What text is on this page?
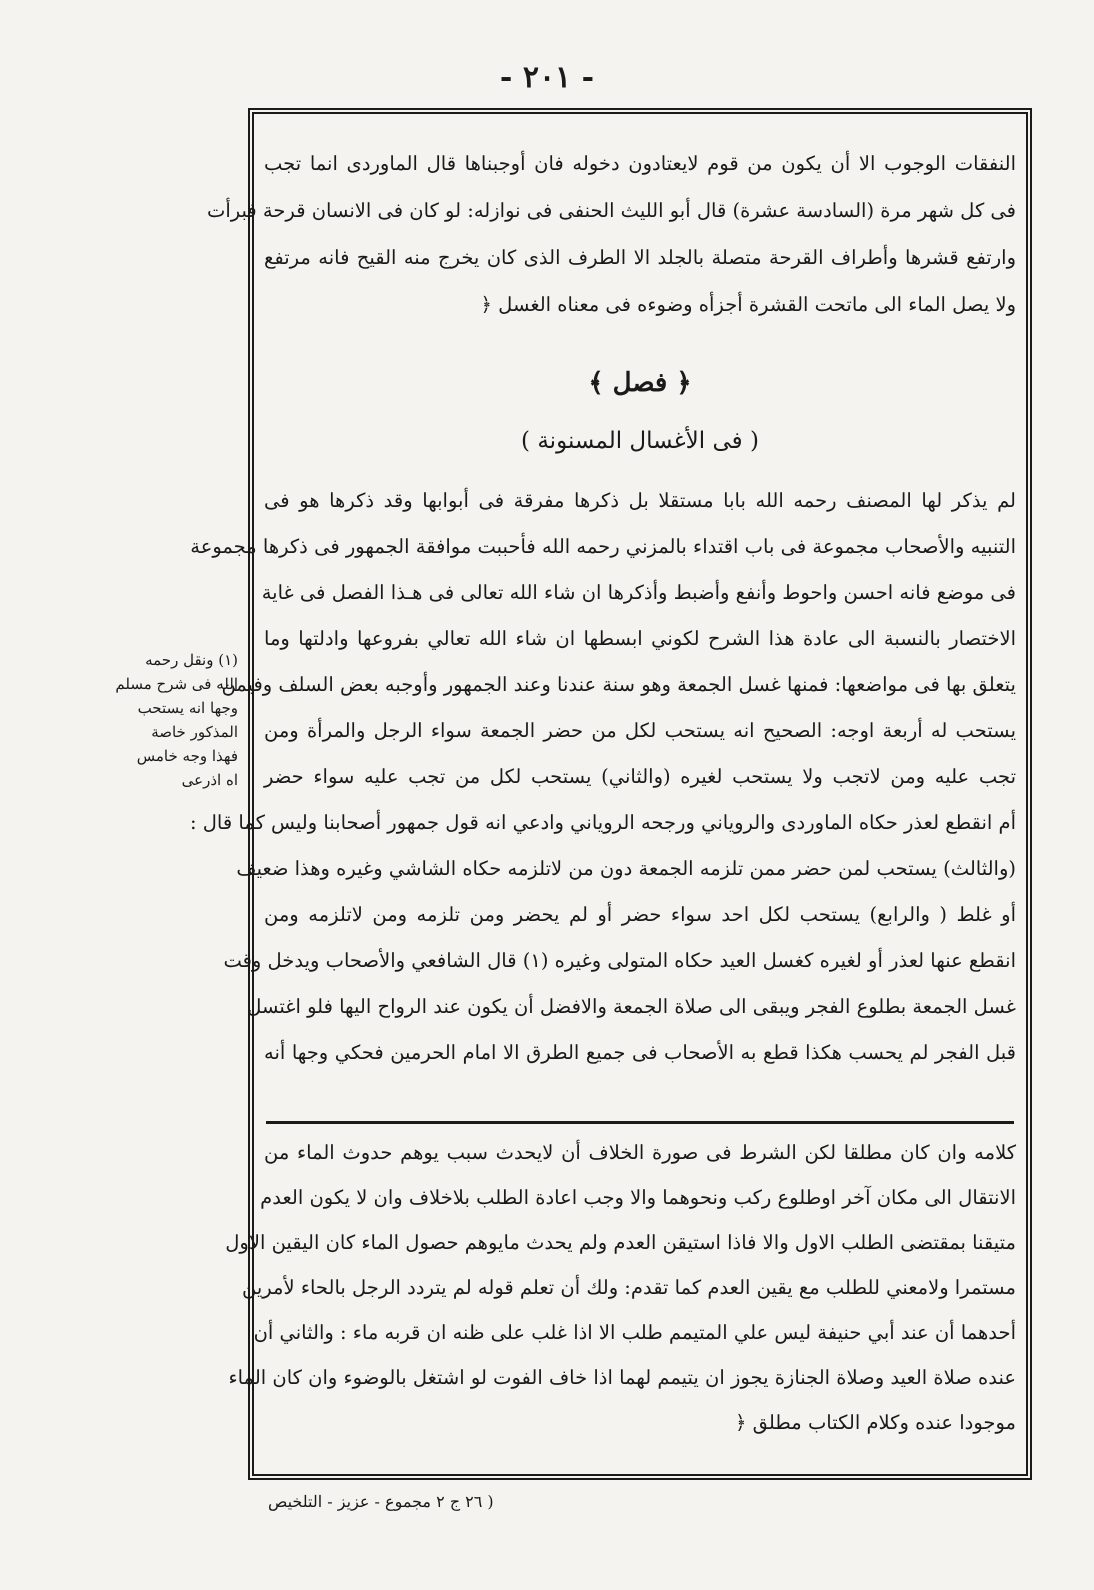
- ٢٠١ -
النفقات الوجوب الا أن يكون من قوم لايعتادون دخوله فان أوجبناها قال الماوردى انما تجب
فى كل شهر مرة (السادسة عشرة) قال أبو الليث الحنفى فى نوازله: لو كان فى الانسان قرحة فبرأت
وارتفع قشرها وأطراف القرحة متصلة بالجلد الا الطرف الذى كان يخرج منه القيح فانه مرتفع
ولا يصل الماء الى ماتحت القشرة أجزأه وضوءه فى معناه الغسل ﴿
﴿ فصل ﴾
( فى الأغسال المسنونة )
لم يذكر لها المصنف رحمه الله بابا مستقلا بل ذكرها مفرقة فى أبوابها وقد ذكرها هو فى
التنبيه والأصحاب مجموعة فى باب اقتداء بالمزني رحمه الله فأحببت موافقة الجمهور فى ذكرها مجموعة
فى موضع فانه احسن واحوط وأنفع وأضبط وأذكرها ان شاء الله تعالى فى هـذا الفصل فى غاية
الاختصار بالنسبة الى عادة هذا الشرح لكوني ابسطها ان شاء الله تعالي بفروعها وادلتها وما
يتعلق بها فى مواضعها: فمنها غسل الجمعة وهو سنة عندنا وعند الجمهور وأوجبه بعض السلف وفيمن
يستحب له أربعة اوجه: الصحيح انه يستحب لكل من حضر الجمعة سواء الرجل والمرأة ومن
تجب عليه ومن لاتجب ولا يستحب لغيره (والثاني) يستحب لكل من تجب عليه سواء حضر
أم انقطع لعذر حكاه الماوردى والروياني ورجحه الروياني وادعي انه قول جمهور أصحابنا وليس كما قال :
(والثالث) يستحب لمن حضر ممن تلزمه الجمعة دون من لاتلزمه حكاه الشاشي وغيره وهذا ضعيف
أو غلط ( والرابع) يستحب لكل احد سواء حضر أو لم يحضر ومن تلزمه ومن لاتلزمه ومن
انقطع عنها لعذر أو لغيره كغسل العيد حكاه المتولى وغيره (١) قال الشافعي والأصحاب ويدخل وقت
غسل الجمعة بطلوع الفجر ويبقى الى صلاة الجمعة والافضل أن يكون عند الرواح اليها فلو اغتسل
قبل الفجر لم يحسب هكذا قطع به الأصحاب فى جميع الطرق الا امام الحرمين فحكي وجها أنه
كلامه وان كان مطلقا لكن الشرط فى صورة الخلاف أن لايحدث سبب يوهم حدوث الماء من
الانتقال الى مكان آخر اوطلوع ركب ونحوهما والا وجب اعادة الطلب بلاخلاف وان لا يكون العدم
متيقنا بمقتضى الطلب الاول والا فاذا استيقن العدم ولم يحدث مايوهم حصول الماء كان اليقين الاول
مستمرا ولامعني للطلب مع يقين العدم كما تقدم: ولك أن تعلم قوله لم يتردد الرجل بالحاء لأمرين
أحدهما أن عند أبي حنيفة ليس علي المتيمم طلب الا اذا غلب على ظنه ان قربه ماء : والثاني أن
عنده صلاة العيد وصلاة الجنازة يجوز ان يتيمم لهما اذا خاف الفوت لو اشتغل بالوضوء وان كان الماء
موجودا عنده وكلام الكتاب مطلق ﴿
(١) ونقل رحمه
الله فى شرح مسلم
وجها انه يستحب
المذكور خاصة
فهذا وجه خامس
اه اذرعى
( ٢٦ ج ٢ مجموع - عزيز - التلخيص
